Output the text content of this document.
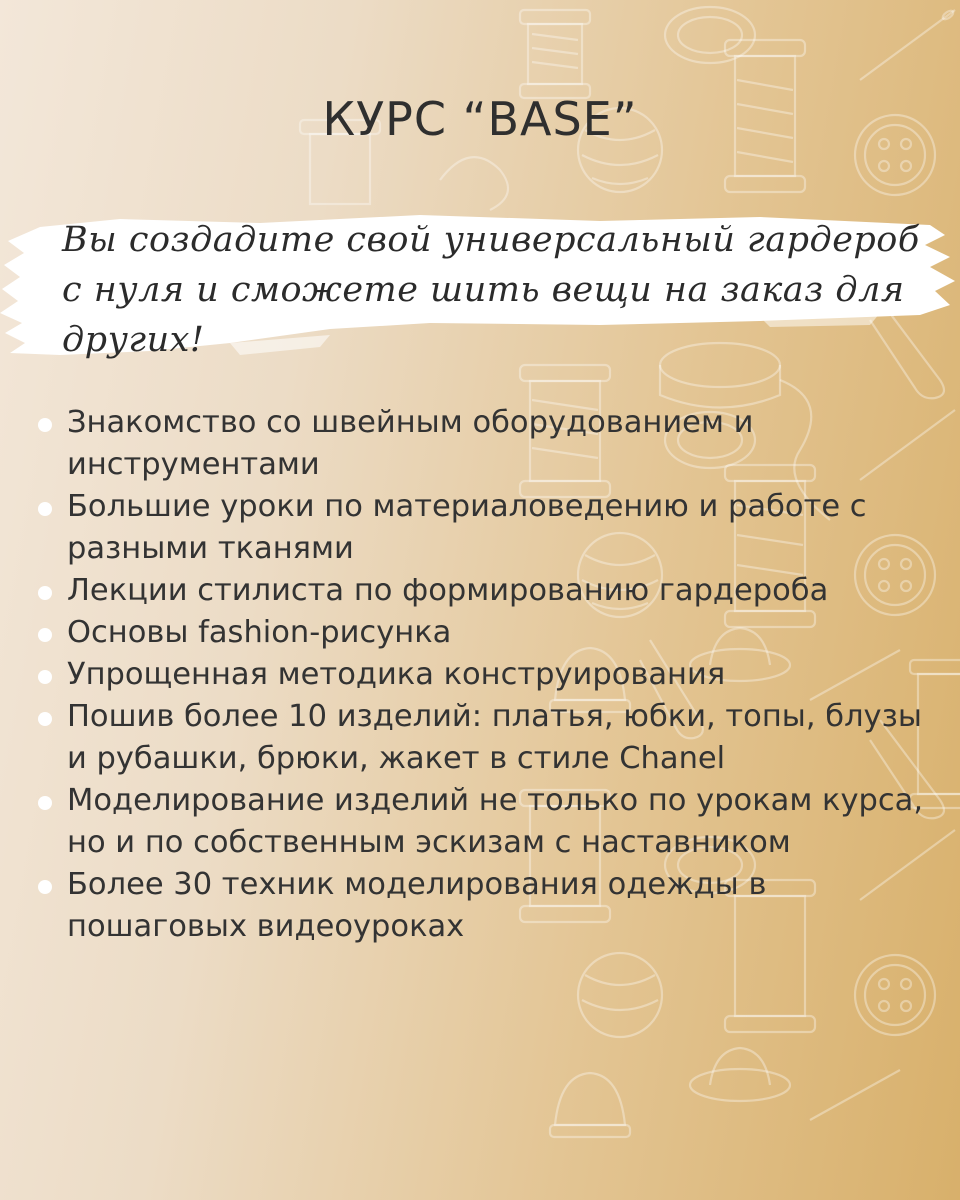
КУРС “BASE”
Вы создадите свой универсальный гардероб с нуля и сможете шить вещи на заказ для других!
Знакомство со швейным оборудованием и инструментами
Большие уроки по материаловедению и работе с разными тканями
Лекции стилиста по формированию гардероба
Основы fashion-рисунка
Упрощенная методика конструирования
Пошив более 10 изделий: платья, юбки, топы, блузы и рубашки, брюки, жакет в стиле Chanel
Моделирование изделий не только по урокам курса, но и по собственным эскизам с наставником
Более 30 техник моделирования одежды в пошаговых видеоуроках
